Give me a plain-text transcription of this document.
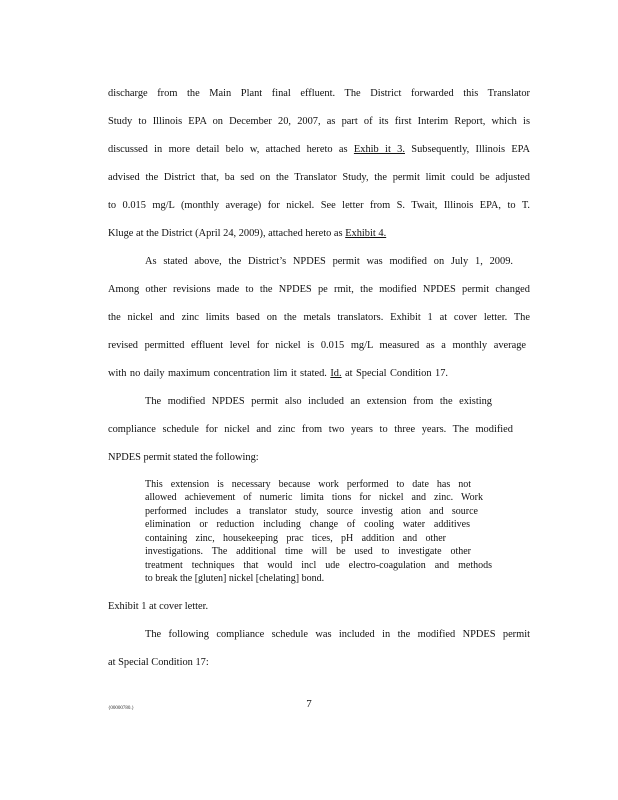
discharge from the Main Plant final effluent. The District forwarded this Translator
Study to Illinois EPA on December 20, 2007, as part of its first Interim Report, which is
discussed in more detail belo w, attached hereto as Exhib it 3. Subsequently, Illinois EPA
advised the District that, ba sed on the Translator Study, the permit limit could be adjusted
to 0.015 mg/L (monthly average) for nickel. See letter from S. Twait, Illinois EPA, to T.
Kluge at the District (April 24, 2009), attached hereto as Exhibit 4.
As stated above, the District’s NPDES permit was modified on July 1, 2009.
Among other revisions made to the NPDES pe rmit, the modified NPDES permit changed
the nickel and zinc limits based on the metals translators. Exhibit 1 at cover letter. The
revised permitted effluent level for nickel is 0.015 mg/L measured as a monthly average
with no daily maximum concentration lim it stated. Id. at Special Condition 17.
The modified NPDES permit also included an extension from the existing
compliance schedule for nickel and zinc from two years to three years. The modified
NPDES permit stated the following:
This extension is necessary because work performed to date has not
allowed achievement of numeric limita tions for nickel and zinc. Work
performed includes a translator study, source investig ation and source
elimination or reduction including change of cooling water additives
containing zinc, housekeeping prac tices, pH addition and other
investigations. The additional time will be used to investigate other
treatment techniques that would incl ude electro-coagulation and methods
to break the [gluten] nickel [chelating] bond.
Exhibit 1 at cover letter.
The following compliance schedule was included in the modified NPDES permit
at Special Condition 17:
7
{00000780.}
